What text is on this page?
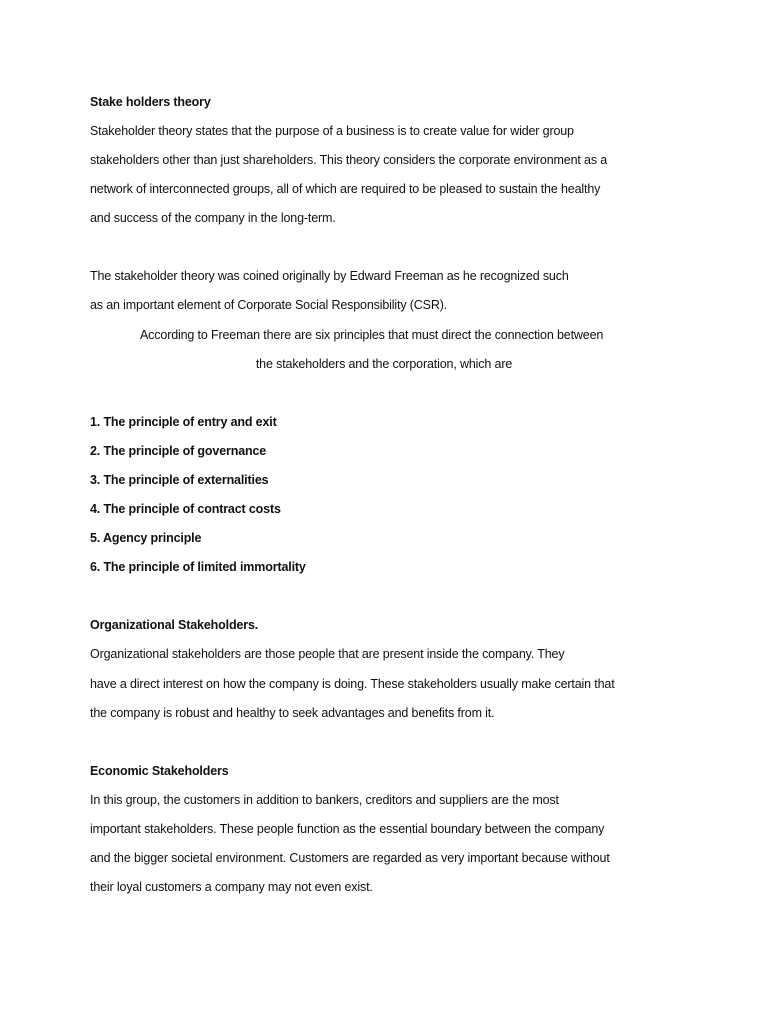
Stake holders theory
Stakeholder theory states that the purpose of a business is to create value for wider group
stakeholders other than just shareholders. This theory considers the corporate environment as a
network of interconnected groups, all of which are required to be pleased to sustain the healthy
and success of the company in the long-term.
The stakeholder theory was coined originally by Edward Freeman as he recognized such
as an important element of Corporate Social Responsibility (CSR).
According to Freeman there are six principles that must direct the connection between
the stakeholders and the corporation, which are
1. The principle of entry and exit
2. The principle of governance
3. The principle of externalities
4. The principle of contract costs
5. Agency principle
6. The principle of limited immortality
Organizational Stakeholders.
Organizational stakeholders are those people that are present inside the company. They
have a direct interest on how the company is doing. These stakeholders usually make certain that
the company is robust and healthy to seek advantages and benefits from it.
Economic Stakeholders
In this group, the customers in addition to bankers, creditors and suppliers are the most
important stakeholders. These people function as the essential boundary between the company
and the bigger societal environment. Customers are regarded as very important because without
their loyal customers a company may not even exist.
